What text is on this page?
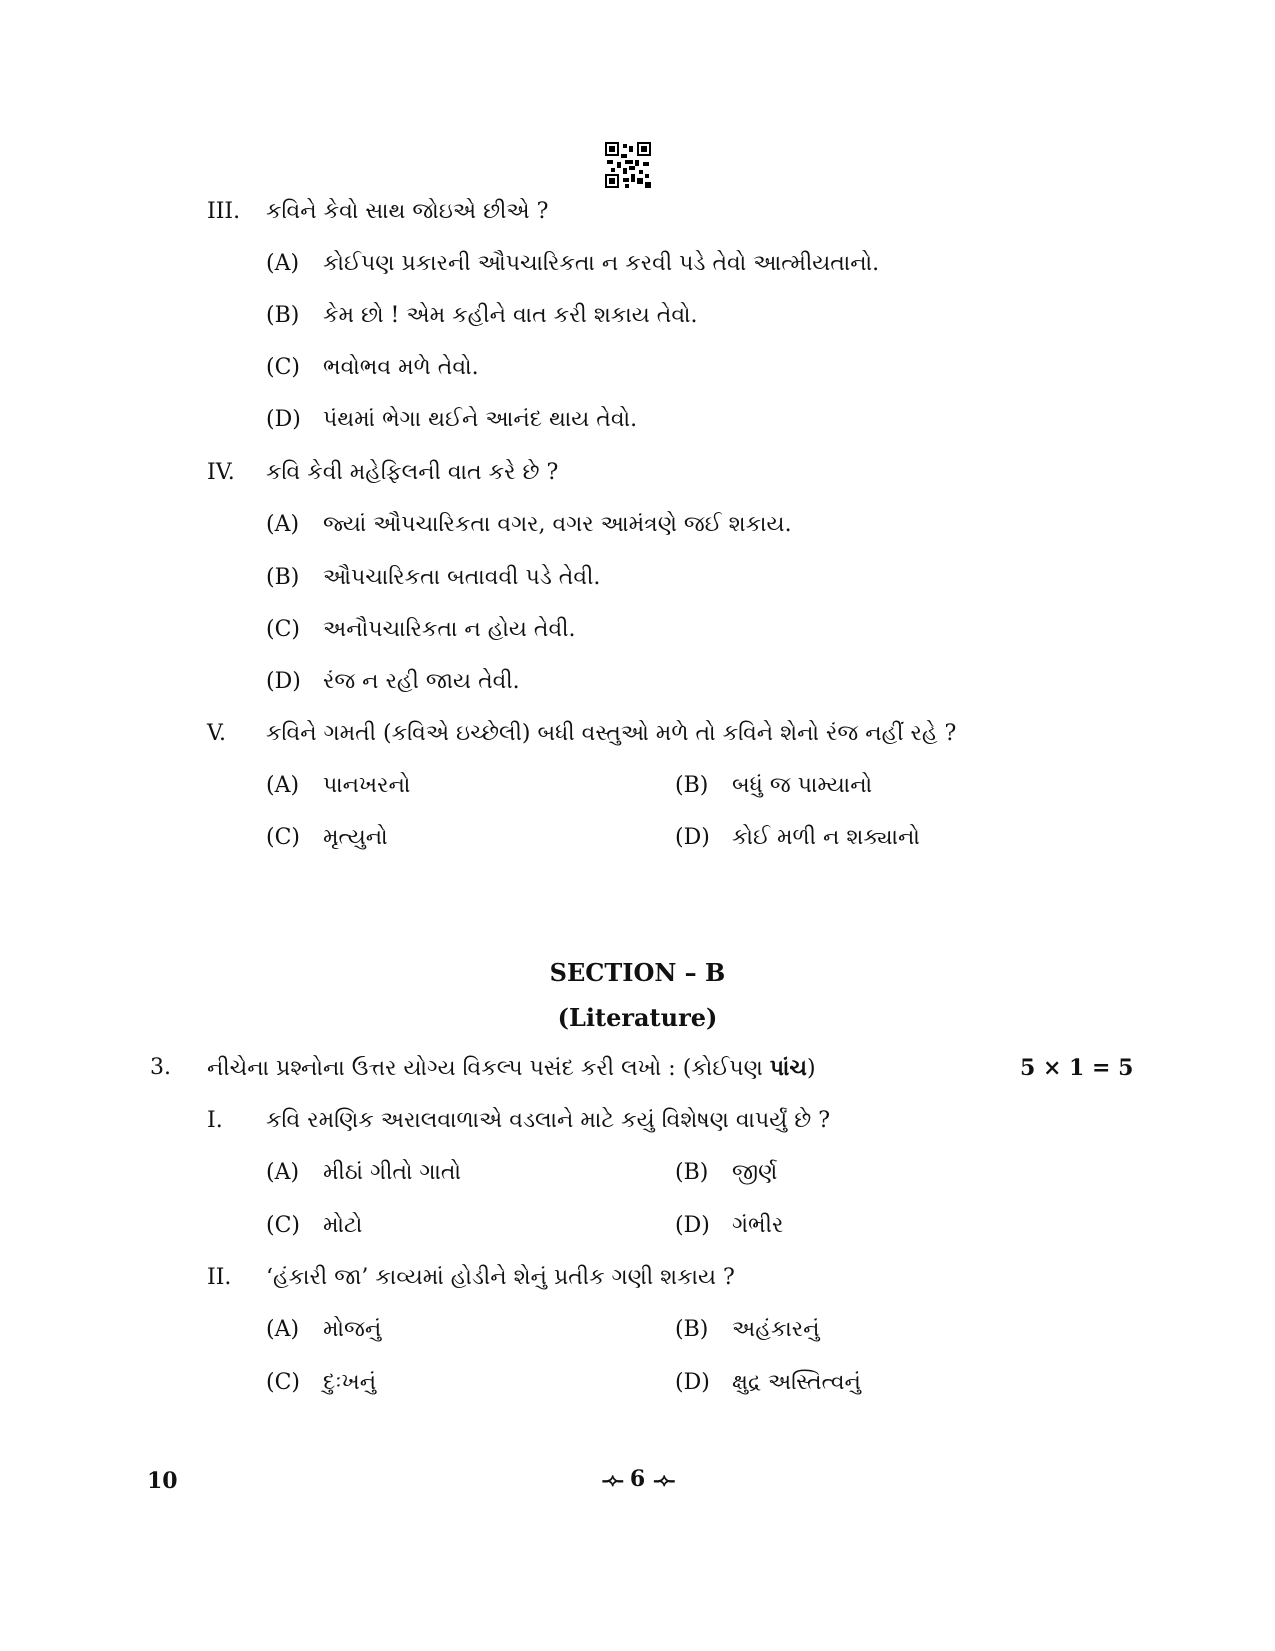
III. કવિને કેવો સાથ જોઇએ છીએ ?
(A) કોઈપણ પ્રકારની ઔપચારિકતા ન કરવી પડે તેવો આત્મીયતાનો.
(B) કેમ છો ! એમ કહીને વાત કરી શકાય તેવો.
(C) ભવોભવ મળે તેવો.
(D) પંથમાં ભેગા થઈને આનંદ થાય તેવો.
IV. કવિ કેવી મહેફિલની વાત કરે છે ?
(A) જ્યાં ઔપચારિકતા વગર, વગર આમંત્રણે જઈ શકાય.
(B) ઔપચારિકતા બતાવવી પડે તેવી.
(C) અનૌપચારિકતા ન હોય તેવી.
(D) રંજ ન રહી જાય તેવી.
V. કવિને ગમતી (કવિએ ઇચ્છેલી) બધી વસ્તુઓ મળે તો કવિને શેનો રંજ નહીં રહે ?
(A) પાનખરનો	(B) બધું જ પામ્યાનો
(C) મૃત્યુનો	(D) કોઈ મળી ન શક્યાનો
SECTION – B
(Literature)
3. નીચેના પ્રશ્નોના ઉત્તર યોગ્ય વિકલ્પ પસંદ કરી લખો : (કોઈપણ પાંચ)	5 × 1 = 5
I. કવિ રમણિક અરાલવાળાએ વડલાને માટે કયું વિશેષણ વાપર્યું છે ?
(A) મીઠાં ગીતો ગાતો	(B) જીર્ણ
(C) મોટો	(D) ગંભીર
II. ‘હંકારી જા’ કાવ્યમાં હોડીને શેનું પ્રતીક ગણી શકાય ?
(A) મોજનું	(B) અહંકારનું
(C) દુઃખનું	(D) ક્ષુદ્ર અસ્તિત્વનું
10	-⟡- 6 -⟡-
